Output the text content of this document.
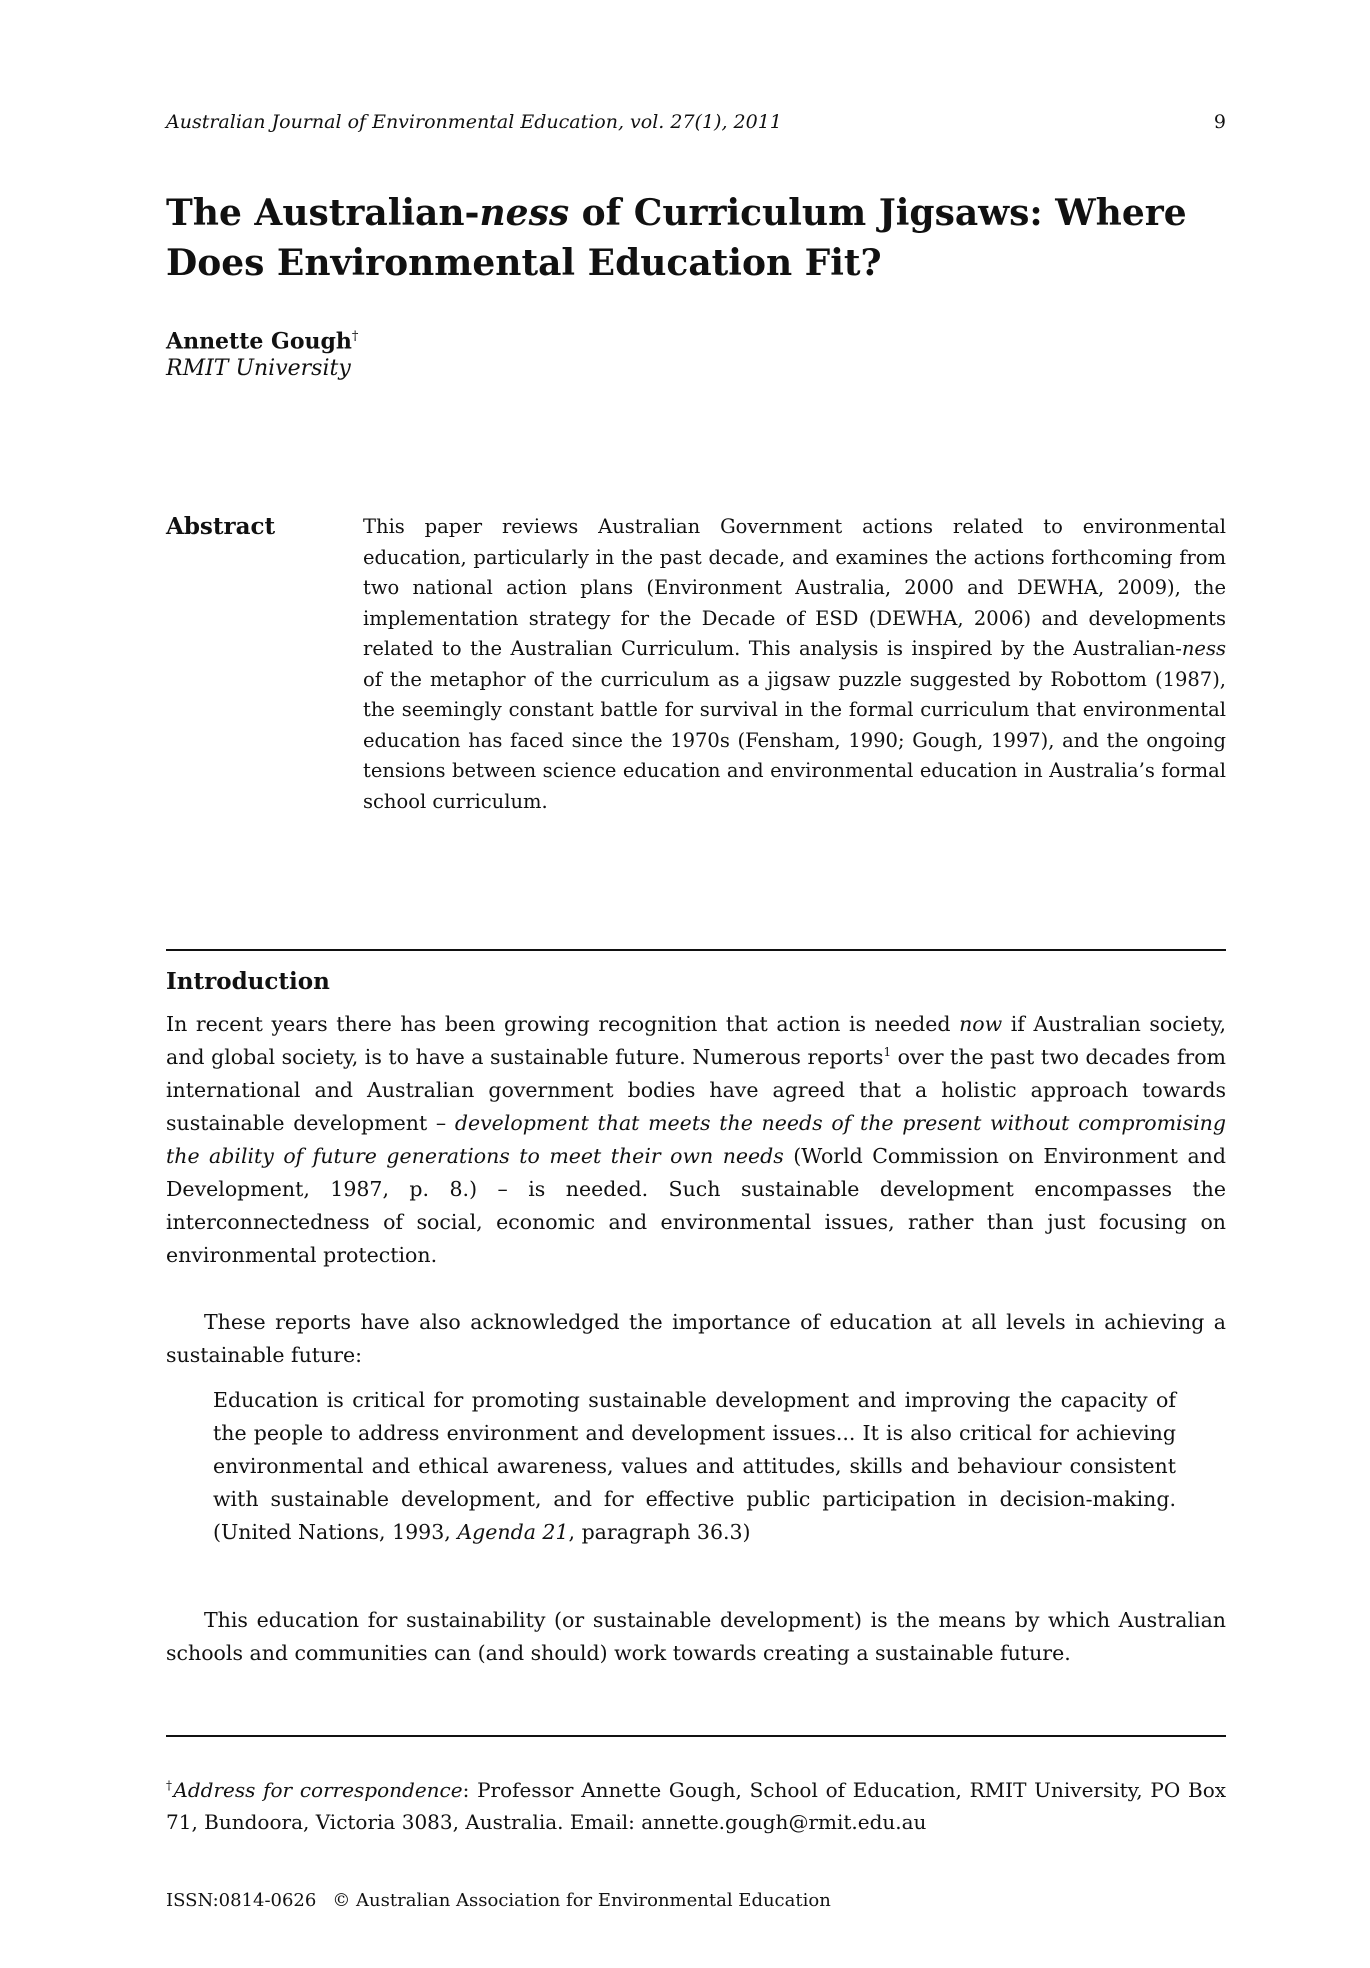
Australian Journal of Environmental Education, vol. 27(1), 2011	9
The Australian-ness of Curriculum Jigsaws: Where Does Environmental Education Fit?
Annette Gough†
RMIT University
Abstract	This paper reviews Australian Government actions related to environmental education, particularly in the past decade, and examines the actions forthcoming from two national action plans (Environment Australia, 2000 and DEWHA, 2009), the implementation strategy for the Decade of ESD (DEWHA, 2006) and developments related to the Australian Curriculum. This analysis is inspired by the Australian-ness of the metaphor of the curriculum as a jigsaw puzzle suggested by Robottom (1987), the seemingly constant battle for survival in the formal curriculum that environmental education has faced since the 1970s (Fensham, 1990; Gough, 1997), and the ongoing tensions between science education and environmental education in Australia’s formal school curriculum.

Introduction

In recent years there has been growing recognition that action is needed now if Australian society, and global society, is to have a sustainable future. Numerous reports$^1$ over the past two decades from international and Australian government bodies have agreed that a holistic approach towards sustainable development – development that meets the needs of the present without compromising the ability of future generations to meet their own needs (World Commission on Environment and Development, 1987, p. 8.) – is needed. Such sustainable development encompasses the interconnectedness of social, economic and environmental issues, rather than just focusing on environmental protection.

These reports have also acknowledged the importance of education at all levels in achieving a sustainable future:

Education is critical for promoting sustainable development and improving the capacity of the people to address environment and development issues... It is also critical for achieving environmental and ethical awareness, values and attitudes, skills and behaviour consistent with sustainable development, and for effective public participation in decision-making. (United Nations, 1993, Agenda 21, paragraph 36.3)

This education for sustainability (or sustainable development) is the means by which Australian schools and communities can (and should) work towards creating a sustainable future.

†Address for correspondence: Professor Annette Gough, School of Education, RMIT University, PO Box 71, Bundoora, Victoria 3083, Australia. Email: annette.gough@rmit.edu.au

ISSN:0814-0626 © Australian Association for Environmental Education
